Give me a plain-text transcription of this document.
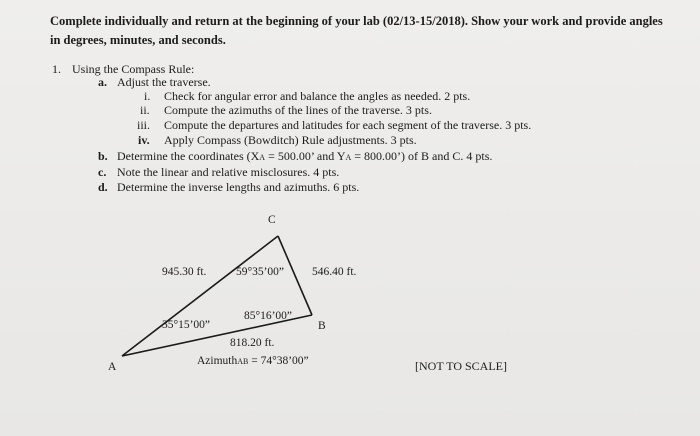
Complete individually and return at the beginning of your lab (02/13-15/2018). Show your work and provide angles
in degrees, minutes, and seconds.
1. Using the Compass Rule:
a. Adjust the traverse.
i. Check for angular error and balance the angles as needed. 2 pts.
ii. Compute the azimuths of the lines of the traverse. 3 pts.
iii. Compute the departures and latitudes for each segment of the traverse. 3 pts.
iv. Apply Compass (Bowditch) Rule adjustments. 3 pts.
b. Determine the coordinates (XA = 500.00’ and YA = 800.00’) of B and C. 4 pts.
c. Note the linear and relative misclosures. 4 pts.
d. Determine the inverse lengths and azimuths. 6 pts.
C
B
A
945.30 ft.	546.40 ft.
818.20 ft.
59°35’00”
85°16’00”
35°15’00”
AzimuthAB = 74°38’00”	[NOT TO SCALE]
